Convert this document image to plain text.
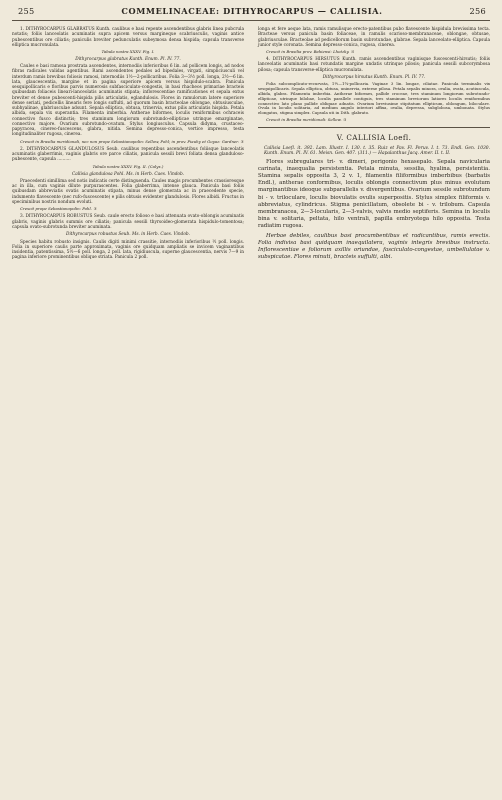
255	COMMELINACEAE: DITHYROCARPUS — CALLISIA.	256

1. DITHYROCARPUS GLABRATUS Kunth. caulibus e basi repente ascendentibus glabris linea pubcrula notatis; foliis lanceolatis acuminatis supra apicem versus margineque scabriusculis, vaginis antice pubescentibus ore ciliatis; paniculis breviter pedunculatis subeymosa densa hispida; capsula transverse elliptica mucronulata.

Tabula nostra XXXV. Fig. I.

Dithyrocarpus glabratus Kunth. Enum. Pl. IV. 77.

Caules e basi ramosa prostrata ascendentes, internodiis inferioribus 6 lin. ad pollicem longis, ad nodos fibras radicales validas agentibus. Rami ascendentes pedales ad bipedales, virgati, simpliciusculi vel interdum ramis brevibus foliosis ramosi, internodiis 1½—2-pollicaribus. Folia 3—3½ poll. longa, 2½—6 lin. lata, glaucescentia, margine et in pagina superiore apicem versus hispidulo-scabra. Panicula sesquipollicaris e floribus parvis numerosis subfasciculato-congestis, in basi rhacheos primariae bracteis quibusdam foliaceis lineari-lanceolatis acuminatis stipata; inflorescentiae ramificationes et sepala extus breviter et dense pubescenti-hispida pilis articulatis, eglandulosis. Flores in ramulorum latere superiore dense seriati, pedicellis linearis fere longis suffulti, ad quorum basin bracteolae oblongae, obtusiusculae, subhyalinae, glabriusculae adsunt. Sepala elliptica, obtusa, trinervia, extus pilis articulatis hispida. Petala albida, sepala vix superantia. Filamenta imberbia. Antherae biformes, loculis reniformibus ochraceis connectivo fusco distinctis; tres staminum longiorum subrotundo-ellipticae utrinque emarginatae, connectivo majore. Ovarium subrotundo-ovatum. Stylus longiusculus. Capsula didyma, crustaceo-papyracea, cinereo-fuscescens, glabra, nitida. Semina depresso-conica, vertice impresso, testa longitudinaliter rugosa, cinerea.

Crescit in Brasilia meridionali, nec non prope Sebastianopolin: Sellow, Pohl; in prov. Piauhy et Goyaz: Gardner. ♃

2. DITHYROCARPUS GLANDULOSUS Seub. caulibus repentibus ascendentibus foliisque lanceolatis acuminatis glaberrimis, vaginis glabris ore parce ciliatis, panicula sessili brevi foliata densa glanduloso-pubescente, capsula ..........

Tabula nostra XXXV. Fig. II. (Calyx.)

Callisia glandulosa Pohl. Ms. in Herb. Caes. Vindob.

Praecedenti simillima sed notis indicatis certe distinguenda. Caules magis procumbentes crassioresque ac in illa, cum vaginis dilute purpurascentes. Folia glaberrima, intense glauca. Panicula basi foliis quibusdam abbreviatis ovatis acuminatis stipata, minus dense glomerata ac in praecedente specie, indumento flavescente (nec rufo-fuscescente) e pilis obtusis evidenter glandulosis. Flores albidi. Fructus in speciminibus nostris nondum evoluti.

Crescit prope Sebastianopolin: Pohl. ♃

3. DITHYROCARPUS ROBUSTUS Seub. caule erecto folioso e basi attenuata ovato-oblongis acuminatis glabris, vaginis glabris summis ore ciliatis; panicula sessili thyrsoideo-glomerata hispidulo-tomentosa; capsula ovato-subrotunda breviter acuminata.

Dithyrocarpus robustus Seub. Ms. in Herb. Caes. Vindob.

Species habitu robusto insignis. Caulis digiti minimi crassitie, internodiis inferioribus ½ poll. longis. Folia in superiore caulis parte approximata, vaginis ore quidquam ampliatis se invicem vaginantibus insidentia, patentissima, 5½—6 poll. longa, 2 poll. lata, rigidiuscula, superne glaucescentia, nervis 7—9 in pagina inferiore prominentibus oblique striata. Panicula 2 poll.

longa et fere aeque lata, ramis ramulisque erecto-patentibus pubo flavescente hispidula brevissima tecta. Bracteae versus panicula basin foliaceae, in ramulis scarioso-membranaceae, oblongae, obtusae, glabriusculae. Bracteolae ad pedicellorum basin subrotundae, glabrae. Sepala lanceolato-elliptica. Capsula junior style coronata. Semina depresso-conica, rugosa, cinerea.

Crescit in Brasilia prov. Bahiensi: Lhotzky. ♃

4. DITHYROCARPUS HIRSUTUS Kunth. ramis ascendentibus vaginisque fuscescenti-hirsutis; foliis lanceolatis acuminatis basi rotundatis margine undatis utrinque pilosis; panicula sessili subcorymbosa pilosa; capsula transverse-elliptica mucronulata.

Dithyrocarpus hirsutus Kunth. Enum. Pl. IV. 77.

Folia subcomplicato-recurvata, 1½—1¾-pollicaria. Vaginae 3 lin. longae, ciliatae. Panicula terminalis vix sesquipollicaris. Sepala elliptica, obtusa, uninervia, externe pilosa. Petala sepalis minora, ovalia, ovata, acutiuscula, albida, glabra. Filamenta imberbia. Antherae biformes, pallide croceae, tres staminum longiorum subrotundo-ellipticae, utrinque bilobae, loculis parallele contiguis, tres staminum breviorum latiores loculis reniformibus connectivo lato plano pallide obliquae adnatis. Ovarium breviusime stipitatum ellipticum, oblongum, biloculare. Ovula in loculis solitaria, ad medium angulo interiori affixa, ovalia, depressa, subglobosa, umbonata. Stylus elongatus, stigma simplex. Capsula uti in Dith. glabrato.

Crescit in Brasilia meridionali: Sellow. ♃

V. CALLISIA Loefl.

Callisia Loefl. it. 392. Lam. Illustr. I. 130. t. 35. Ruiz et Pav. Fl. Peruv. I. t. 73. Endl. Gen. 1030. Kunth. Enum. Pl. IV. 61. Meisn. Gen. 407. (311.) — Hapalanthus Jacq. Amer. II. t. II.

Flores subregulares tri- v. dimeri, perigonio hexasepalo. Sepala navicularia carinata, inaequalia persistentia. Petala minuta, sessilia, hyalina, persistentia. Stamina sepalis opposita 3, 2 v. 1, filamentis filiformibus imberbibus (barbatis Endl.), antherae conformibus, loculis oblongis connectivum plus minus evolutum marginantibus ideoque subparallelis v. divergentibus. Ovarium sessile subrotundum bi - v. triloculare, loculis biovulatis ovulis superpositis. Stylus simplex filiformis v. abbreviatus, cylindricus. Stigma penicillatum, obsolete bi - v. trilobum. Capsula membranacea, 2—3-locularis, 2—3-valvis, valvis medio septiferis. Semina in loculis bina v. solitaria, peltata, hilo ventrali, papilla embryotega hilo opposita. Testa radiatim rugosa.

Herbae debiles, caulibus basi procumbentibus et radicantibus, ramis erectis. Folia indivisa basi quidquam inaequilatera, vaginis integris brevibus instructa. Inflorescentiae e foliorum axillis oriundae, fasciculato-congestae, umbellulatae v. subspicatae. Flores minuti, bracteis suffulti, albi.
